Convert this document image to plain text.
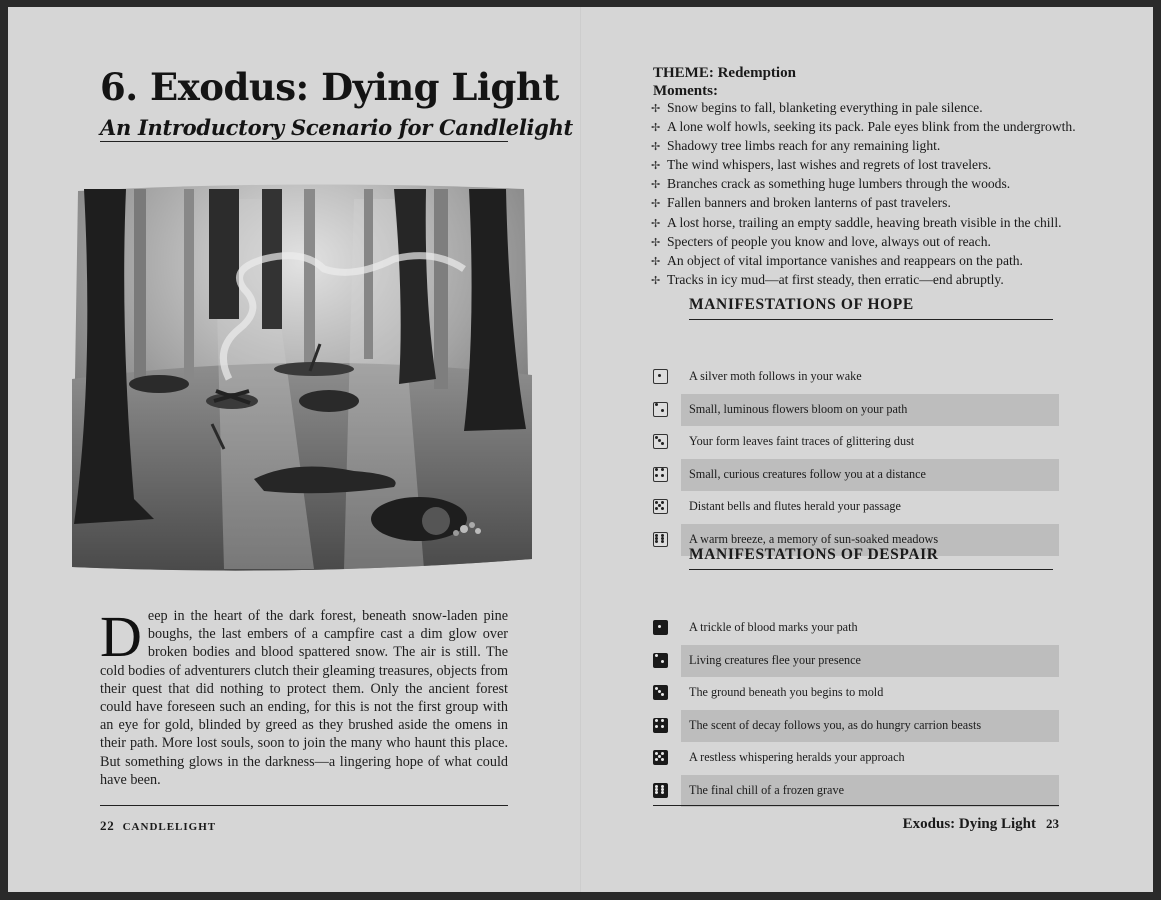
6. Exodus: Dying Light
An Introductory Scenario for Candlelight
Deep in the heart of the dark forest, beneath snow-laden pine boughs, the last embers of a campfire cast a dim glow over broken bodies and blood spattered snow. The air is still. The cold bodies of adventurers clutch their gleaming treasures, objects from their quest that did nothing to protect them. Only the ancient forest could have foreseen such an ending, for this is not the first group with an eye for gold, blinded by greed as they brushed aside the omens in their path. More lost souls, soon to join the many who haunt this place. But something glows in the darkness—a lingering hope of what could have been.
22 CANDLELIGHT
THEME: Redemption
Moments:
✢ Snow begins to fall, blanketing everything in pale silence.
✢ A lone wolf howls, seeking its pack. Pale eyes blink from the undergrowth.
✢ Shadowy tree limbs reach for any remaining light.
✢ The wind whispers, last wishes and regrets of lost travelers.
✢ Branches crack as something huge lumbers through the woods.
✢ Fallen banners and broken lanterns of past travelers.
✢ A lost horse, trailing an empty saddle, heaving breath visible in the chill.
✢ Specters of people you know and love, always out of reach.
✢ An object of vital importance vanishes and reappears on the path.
✢ Tracks in icy mud—at first steady, then erratic—end abruptly.
MANIFESTATIONS OF HOPE
A silver moth follows in your wake
Small, luminous flowers bloom on your path
Your form leaves faint traces of glittering dust
Small, curious creatures follow you at a distance
Distant bells and flutes herald your passage
A warm breeze, a memory of sun-soaked meadows
MANIFESTATIONS OF DESPAIR
A trickle of blood marks your path
Living creatures flee your presence
The ground beneath you begins to mold
The scent of decay follows you, as do hungry carrion beasts
A restless whispering heralds your approach
The final chill of a frozen grave
Exodus: Dying Light 23
